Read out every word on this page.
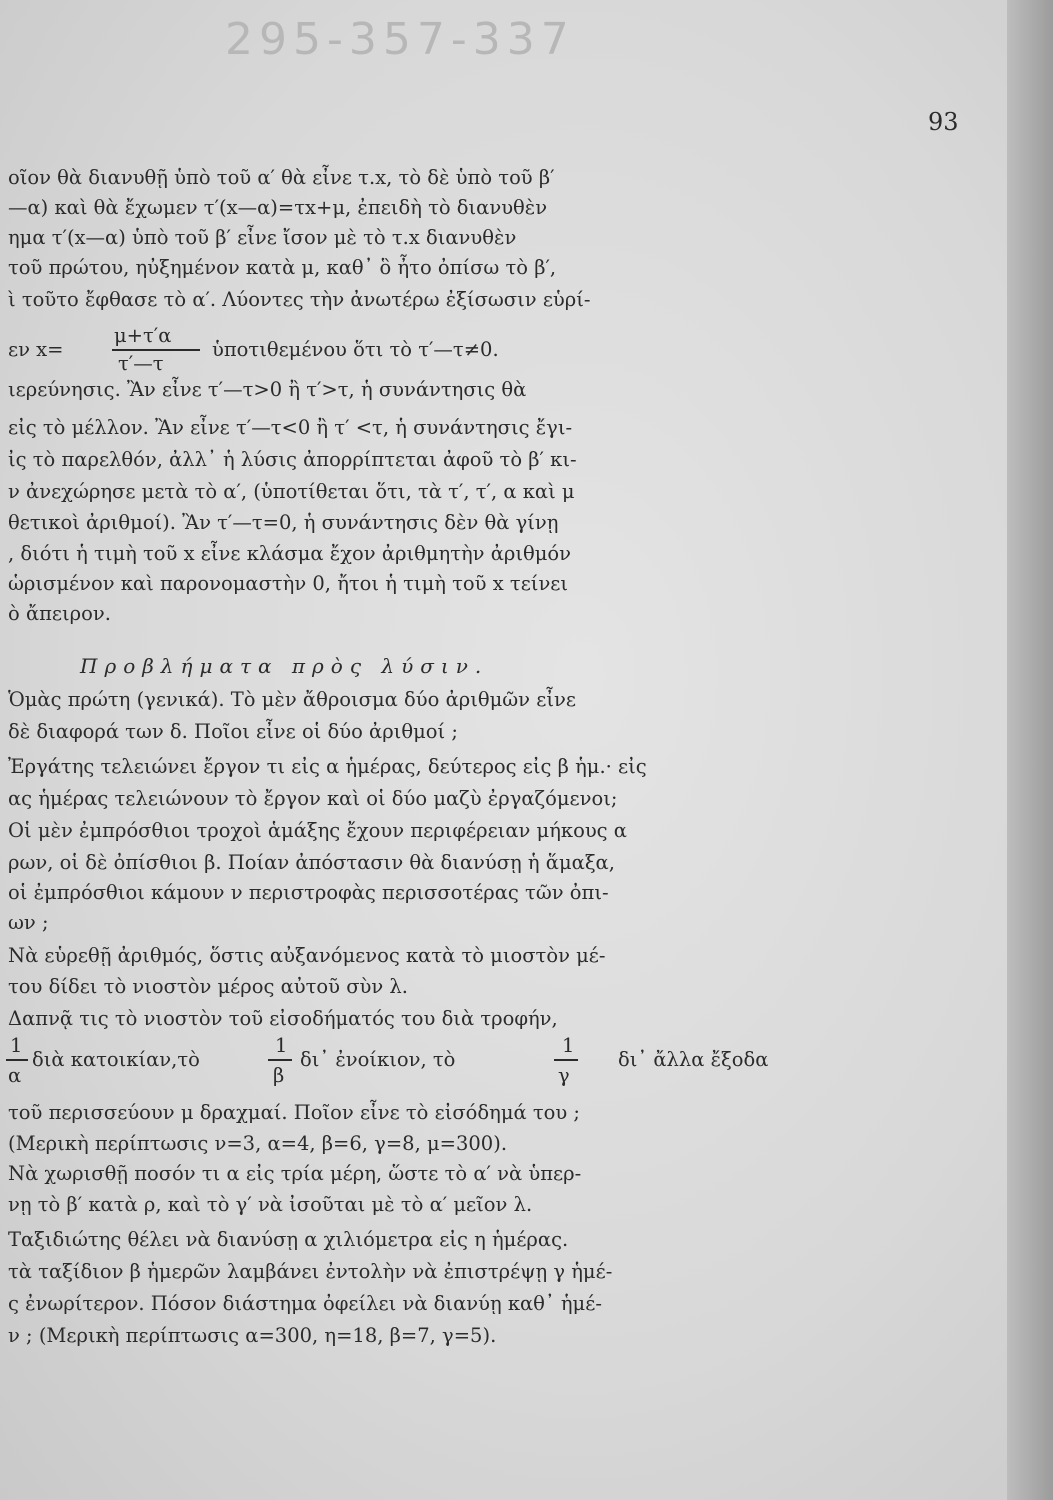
295-357-337
93
οῖον θὰ διανυθῇ ὑπὸ τοῦ α′ θὰ εἶνε τ.x, τὸ δὲ ὑπὸ τοῦ β′
—α) καὶ θὰ ἔχωμεν τ′(x—α)=τx+μ, ἐπειδὴ τὸ διανυθὲν
ημα τ′(x—α) ὑπὸ τοῦ β′ εἶνε ἴσον μὲ τὸ τ.x διανυθὲν
τοῦ πρώτου, ηὐξημένον κατὰ μ, καθ᾿ ὃ ἦτο ὀπίσω τὸ β′,
ὶ τοῦτο ἔφθασε τὸ α′. Λύοντες τὴν ἀνωτέρω ἐξίσωσιν εὑρί-
εν x=
μ+τ′α
τ′—τ
ὑποτιθεμένου ὅτι τὸ τ′—τ≠0.
ιερεύνησις. Ἂν εἶνε τ′—τ>0 ἢ τ′>τ, ἡ συνάντησις θὰ
εἰς τὸ μέλλον. Ἂν εἶνε τ′—τ<0 ἢ τ′ <τ, ἡ συνάντησις ἔγι-
ἰς τὸ παρελθόν, ἀλλ᾿ ἡ λύσις ἀπορρίπτεται ἀφοῦ τὸ β′ κι-
ν ἀνεχώρησε μετὰ τὸ α′, (ὑποτίθεται ὅτι, τὰ τ′, τ′, α καὶ μ
θετικοὶ ἀριθμοί). Ἂν τ′—τ=0, ἡ συνάντησις δὲν θὰ γίνῃ
, διότι ἡ τιμὴ τοῦ x εἶνε κλάσμα ἔχον ἀριθμητὴν ἀριθμόν
ὡρισμένον καὶ παρονομαστὴν 0, ἤτοι ἡ τιμὴ τοῦ x τείνει
ὸ ἄπειρον.
Προβλήματα πρὸς λύσιν.
Ὁμὰς πρώτη (γενικά). Τὸ μὲν ἄθροισμα δύο ἀριθμῶν εἶνε
δὲ διαφορά των δ. Ποῖοι εἶνε οἱ δύο ἀριθμοί ;
Ἐργάτης τελειώνει ἔργον τι εἰς α ἡμέρας, δεύτερος εἰς β ἡμ.· εἰς
ας ἡμέρας τελειώνουν τὸ ἔργον καὶ οἱ δύο μαζὺ ἐργαζόμενοι;
Οἱ μὲν ἐμπρόσθιοι τροχοὶ ἁμάξης ἔχουν περιφέρειαν μήκους α
ρων, οἱ δὲ ὀπίσθιοι β. Ποίαν ἀπόστασιν θὰ διανύσῃ ἡ ἅμαξα,
οἱ ἐμπρόσθιοι κάμουν ν περιστροφὰς περισσοτέρας τῶν ὀπι-
ων ;
Νὰ εὑρεθῇ ἀριθμός, ὅστις αὐξανόμενος κατὰ τὸ μιοστὸν μέ-
του δίδει τὸ νιοστὸν μέρος αὐτοῦ σὺν λ.
Δαπνᾷ τις τὸ νιοστὸν τοῦ εἰσοδήματός του διὰ τροφήν,
1
α
διὰ κατοικίαν,τὸ
1
β
δι᾿ ἐνοίκιον, τὸ
1
γ
δι᾿ ἄλλα ἔξοδα
τοῦ περισσεύουν μ δραχμαί. Ποῖον εἶνε τὸ εἰσόδημά του ;
(Μερικὴ περίπτωσις ν=3, α=4, β=6, γ=8, μ=300).
Νὰ χωρισθῇ ποσόν τι α εἰς τρία μέρη, ὥστε τὸ α′ νὰ ὑπερ-
νῃ τὸ β′ κατὰ ρ, καὶ τὸ γ′ νὰ ἰσοῦται μὲ τὸ α′ μεῖον λ.
Ταξιδιώτης θέλει νὰ διανύσῃ α χιλιόμετρα εἰς η ἡμέρας.
τὰ ταξίδιον β ἡμερῶν λαμβάνει ἐντολὴν νὰ ἐπιστρέψῃ γ ἡμέ-
ς ἐνωρίτερον. Πόσον διάστημα ὀφείλει νὰ διανύῃ καθ᾿ ἡμέ-
ν ; (Μερικὴ περίπτωσις α=300, η=18, β=7, γ=5).
